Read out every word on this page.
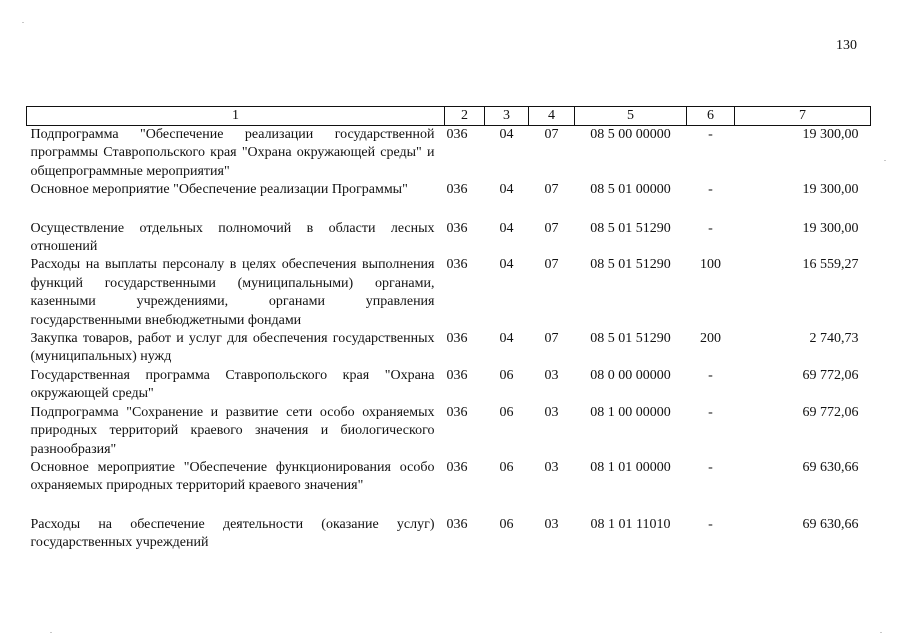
130
1	2	3	4	5	6	7
Подпрограмма "Обеспечение реализации государственной программы Ставропольского края "Охрана окружающей среды" и общепрограммные мероприятия"	036	04	07	08 5 00 00000	-	19 300,00
Основное мероприятие "Обеспечение реализации Программы"	036	04	07	08 5 01 00000	-	19 300,00
Осуществление отдельных полномочий в области лесных отношений	036	04	07	08 5 01 51290	-	19 300,00
Расходы на выплаты персоналу в целях обеспечения выполнения функций государственными (муниципальными) органами, казенными учреждениями, органами управления государственными внебюджетными фондами	036	04	07	08 5 01 51290	100	16 559,27
Закупка товаров, работ и услуг для обеспечения государственных (муниципальных) нужд	036	04	07	08 5 01 51290	200	2 740,73
Государственная программа Ставропольского края "Охрана окружающей среды"	036	06	03	08 0 00 00000	-	69 772,06
Подпрограмма "Сохранение и развитие сети особо охраняемых природных территорий краевого значения и биологического разнообразия"	036	06	03	08 1 00 00000	-	69 772,06
Основное мероприятие "Обеспечение функционирования особо охраняемых природных территорий краевого значения"	036	06	03	08 1 01 00000	-	69 630,66
Расходы на обеспечение деятельности (оказание услуг) государственных учреждений	036	06	03	08 1 01 11010	-	69 630,66
